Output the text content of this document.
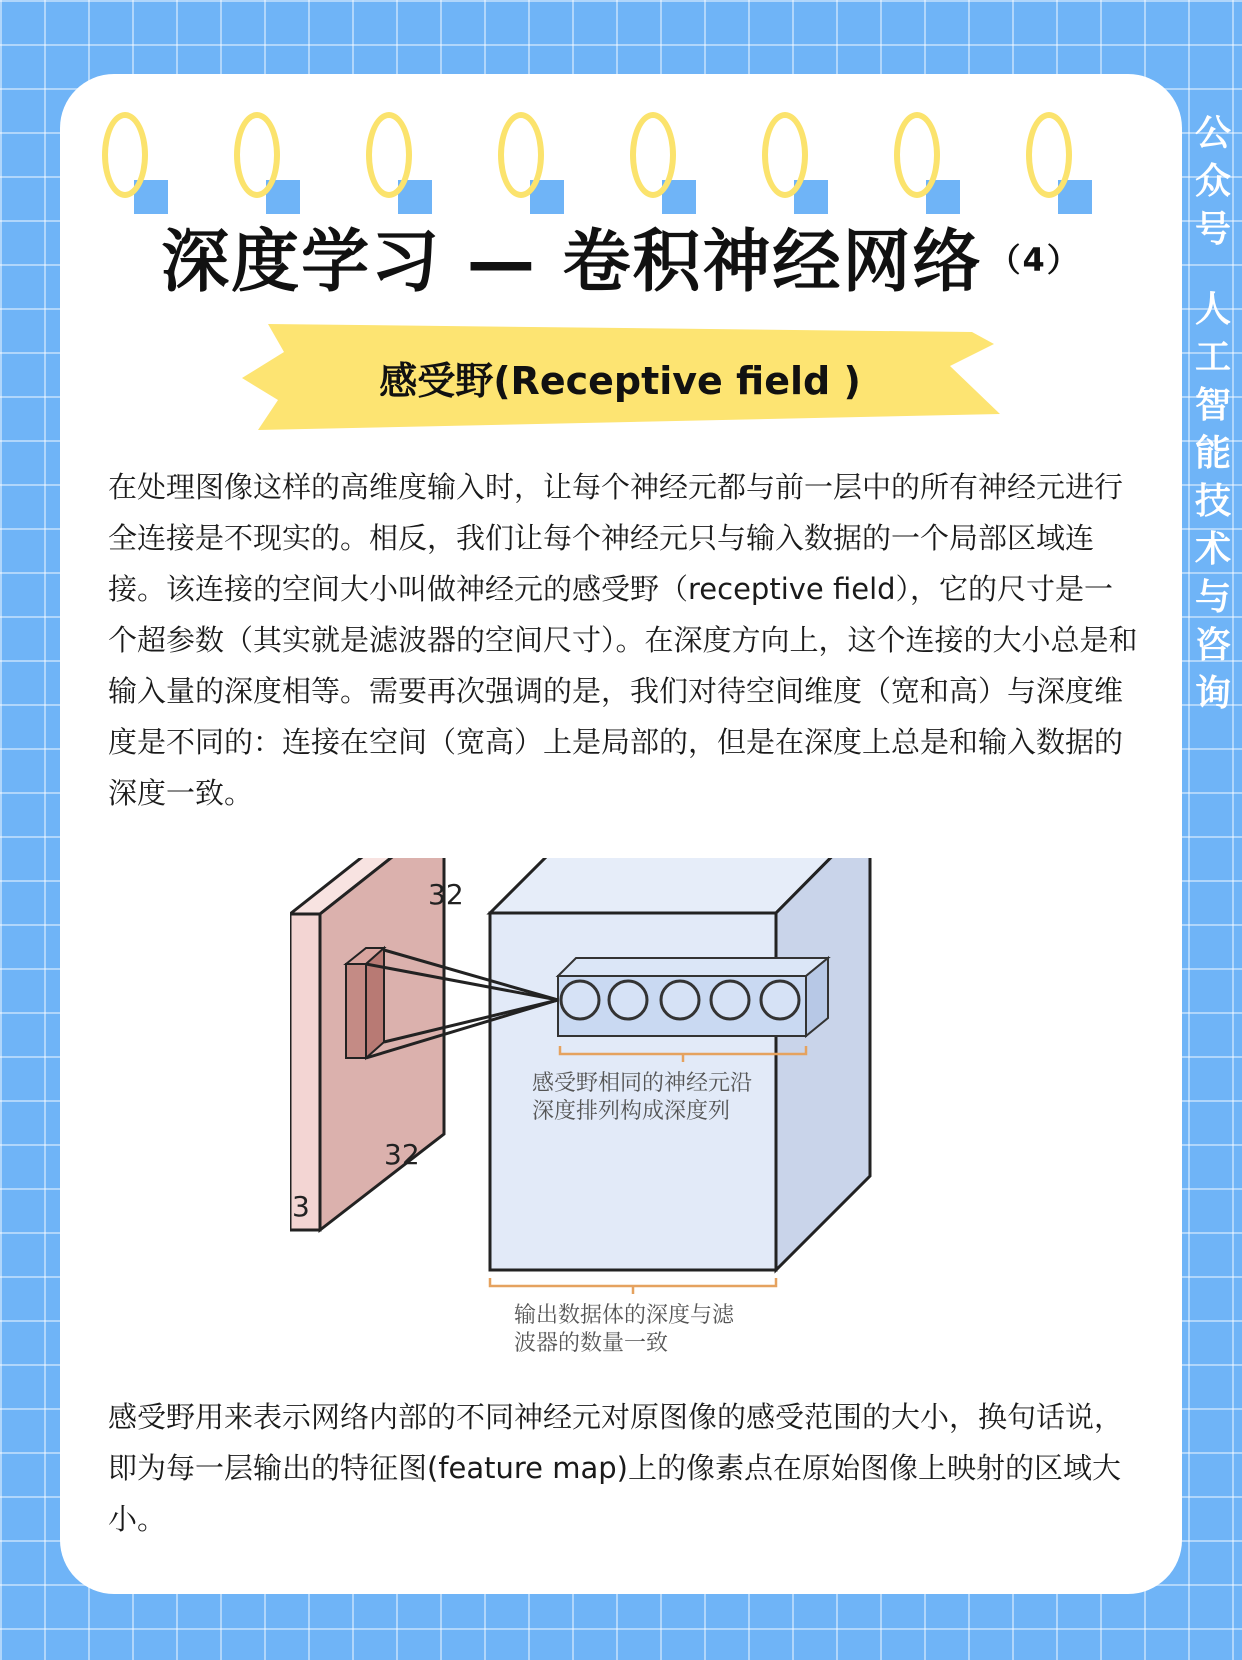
深度学习 — 卷积神经网络 $^{(4)}$
感受野(Receptive field )

在处理图像这样的高维度输入时，让每个神经元都与前一层中的所有神经元进行全连接是不现实的。相反，我们让每个神经元只与输入数据的一个局部区域连接。该连接的空间大小叫做神经元的感受野（receptive field），它的尺寸是一个超参数（其实就是滤波器的空间尺寸）。在深度方向上，这个连接的大小总是和输入量的深度相等。需要再次强调的是，我们对待空间维度（宽和高）与深度维度是不同的：连接在空间（宽高）上是局部的，但是在深度上总是和输入数据的深度一致。

32
32
3
感受野相同的神经元沿
深度排列构成深度列
输出数据体的深度与滤
波器的数量一致

感受野用来表示网络内部的不同神经元对原图像的感受范围的大小，换句话说，即为每一层输出的特征图(feature map)上的像素点在原始图像上映射的区域大小。

公众号
人工智能技术与咨询
